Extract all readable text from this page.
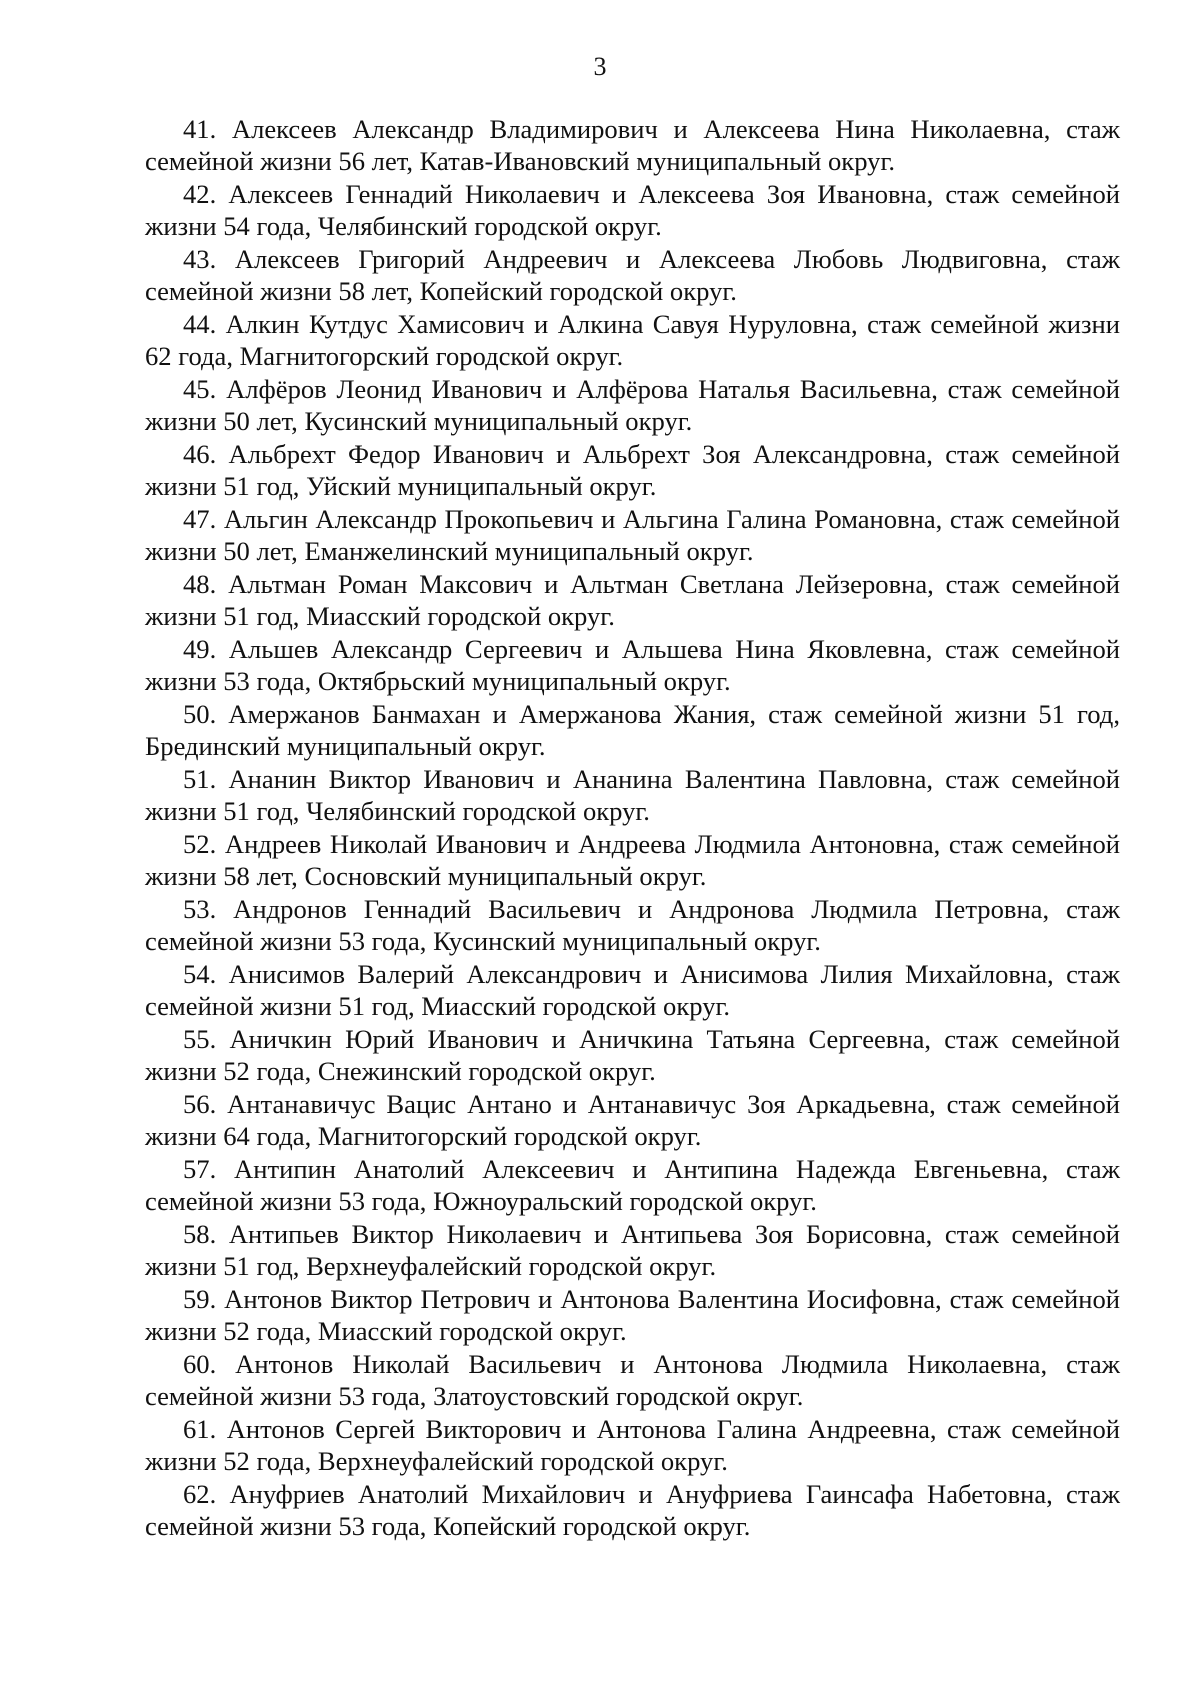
3
41. Алексеев Александр Владимирович и Алексеева Нина Николаевна, стаж семейной жизни 56 лет, Катав-Ивановский муниципальный округ.
42. Алексеев Геннадий Николаевич и Алексеева Зоя Ивановна, стаж семейной жизни 54 года, Челябинский городской округ.
43. Алексеев Григорий Андреевич и Алексеева Любовь Людвиговна, стаж семейной жизни 58 лет, Копейский городской округ.
44. Алкин Кутдус Хамисович и Алкина Савуя Нуруловна, стаж семейной жизни 62 года, Магнитогорский городской округ.
45. Алфёров Леонид Иванович и Алфёрова Наталья Васильевна, стаж семейной жизни 50 лет, Кусинский муниципальный округ.
46. Альбрехт Федор Иванович и Альбрехт Зоя Александровна, стаж семейной жизни 51 год, Уйский муниципальный округ.
47. Альгин Александр Прокопьевич и Альгина Галина Романовна, стаж семейной жизни 50 лет, Еманжелинский муниципальный округ.
48. Альтман Роман Максович и Альтман Светлана Лейзеровна, стаж семейной жизни 51 год, Миасский городской округ.
49. Альшев Александр Сергеевич и Альшева Нина Яковлевна, стаж семейной жизни 53 года, Октябрьский муниципальный округ.
50. Амержанов Банмахан и Амержанова Жания, стаж семейной жизни 51 год, Брединский муниципальный округ.
51. Ананин Виктор Иванович и Ананина Валентина Павловна, стаж семейной жизни 51 год, Челябинский городской округ.
52. Андреев Николай Иванович и Андреева Людмила Антоновна, стаж семейной жизни 58 лет, Сосновский муниципальный округ.
53. Андронов Геннадий Васильевич и Андронова Людмила Петровна, стаж семейной жизни 53 года, Кусинский муниципальный округ.
54. Анисимов Валерий Александрович и Анисимова Лилия Михайловна, стаж семейной жизни 51 год, Миасский городской округ.
55. Аничкин Юрий Иванович и Аничкина Татьяна Сергеевна, стаж семейной жизни 52 года, Снежинский городской округ.
56. Антанавичус Вацис Антано и Антанавичус Зоя Аркадьевна, стаж семейной жизни 64 года, Магнитогорский городской округ.
57. Антипин Анатолий Алексеевич и Антипина Надежда Евгеньевна, стаж семейной жизни 53 года, Южноуральский городской округ.
58. Антипьев Виктор Николаевич и Антипьева Зоя Борисовна, стаж семейной жизни 51 год, Верхнеуфалейский городской округ.
59. Антонов Виктор Петрович и Антонова Валентина Иосифовна, стаж семейной жизни 52 года, Миасский городской округ.
60. Антонов Николай Васильевич и Антонова Людмила Николаевна, стаж семейной жизни 53 года, Златоустовский городской округ.
61. Антонов Сергей Викторович и Антонова Галина Андреевна, стаж семейной жизни 52 года, Верхнеуфалейский городской округ.
62. Ануфриев Анатолий Михайлович и Ануфриева Гаинсафа Набетовна, стаж семейной жизни 53 года, Копейский городской округ.
